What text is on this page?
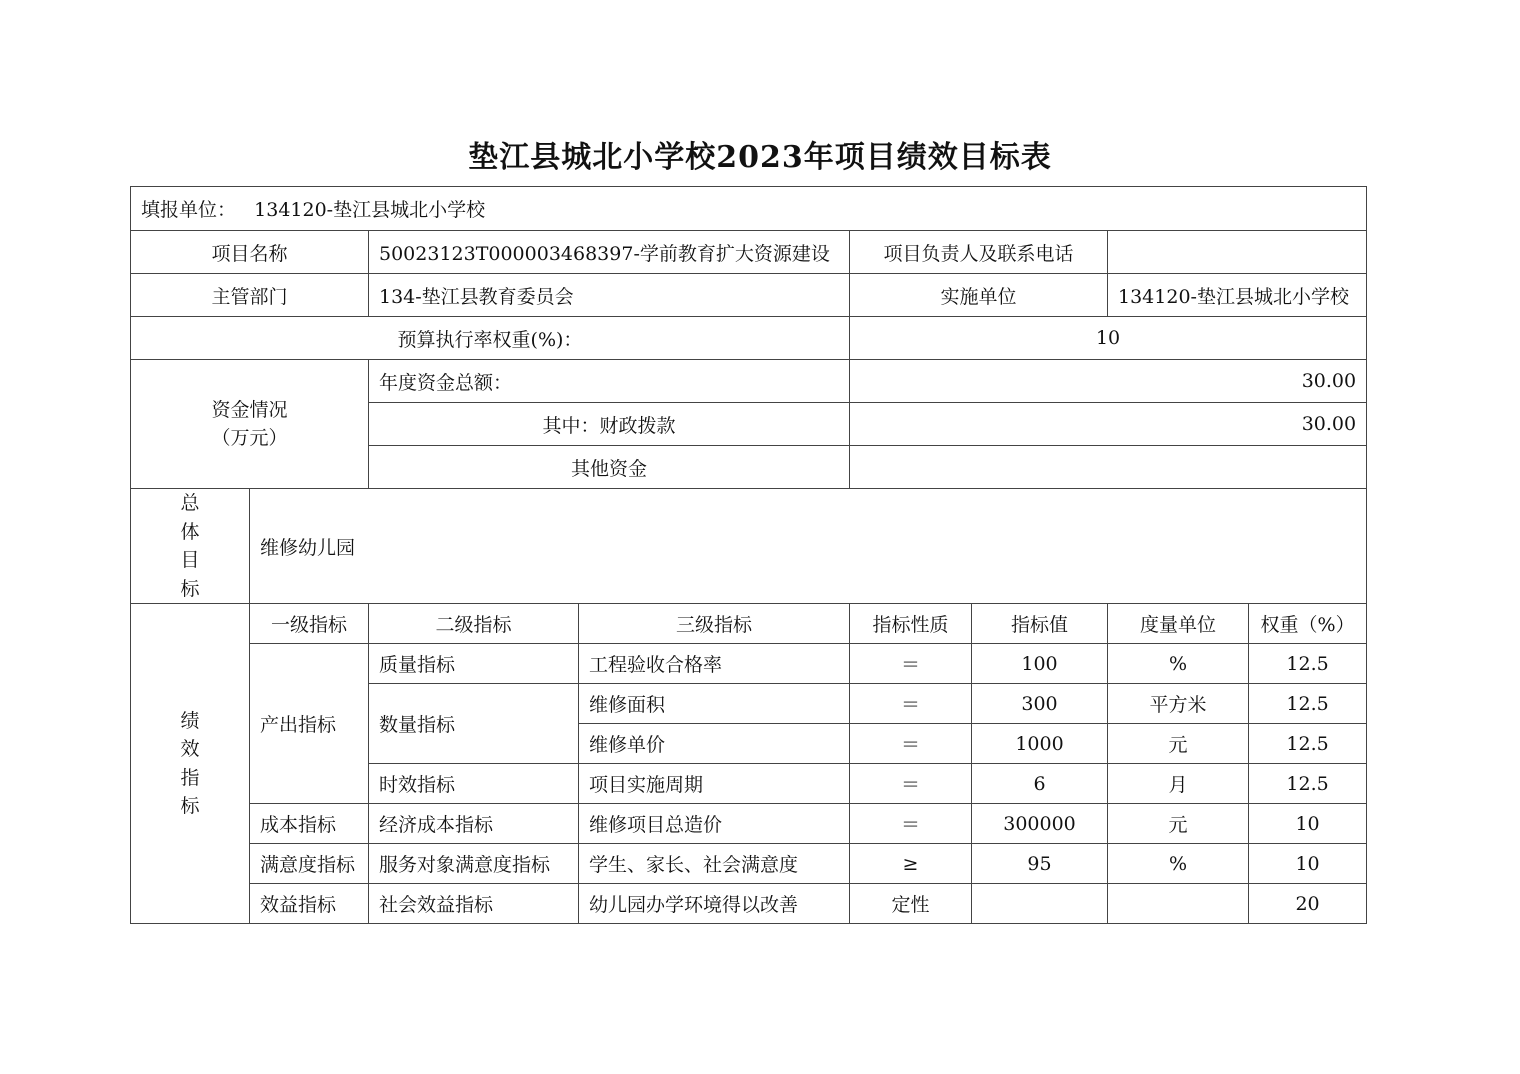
垫江县城北小学校2023年项目绩效目标表
填报单位： 134120-垫江县城北小学校							
项目名称		50023123T000003468397-学前教育扩大资源建设		项目负责人及联系电话			
主管部门		134-垫江县教育委员会		实施单位		134120-垫江县城北小学校	
预算执行率权重(%)：				10			

资金情况
（万元）		年度资金总额：		30.00			
		其中：财政拨款		30.00			
		其他资金					

总
体
目
标	维修幼儿园						

绩
效
指
标	一级指标	二级指标	三级指标	指标性质	指标值	度量单位	权重（%）
	产出指标	质量指标	工程验收合格率	＝	100	%	12.5
		数量指标	维修面积	＝	300	平方米	12.5
			维修单价	＝	1000	元	12.5
		时效指标	项目实施周期	＝	6	月	12.5
	成本指标	经济成本指标	维修项目总造价	＝	300000	元	10
	满意度指标	服务对象满意度指标	学生、家长、社会满意度	≥	95	%	10
	效益指标	社会效益指标	幼儿园办学环境得以改善	定性			20
